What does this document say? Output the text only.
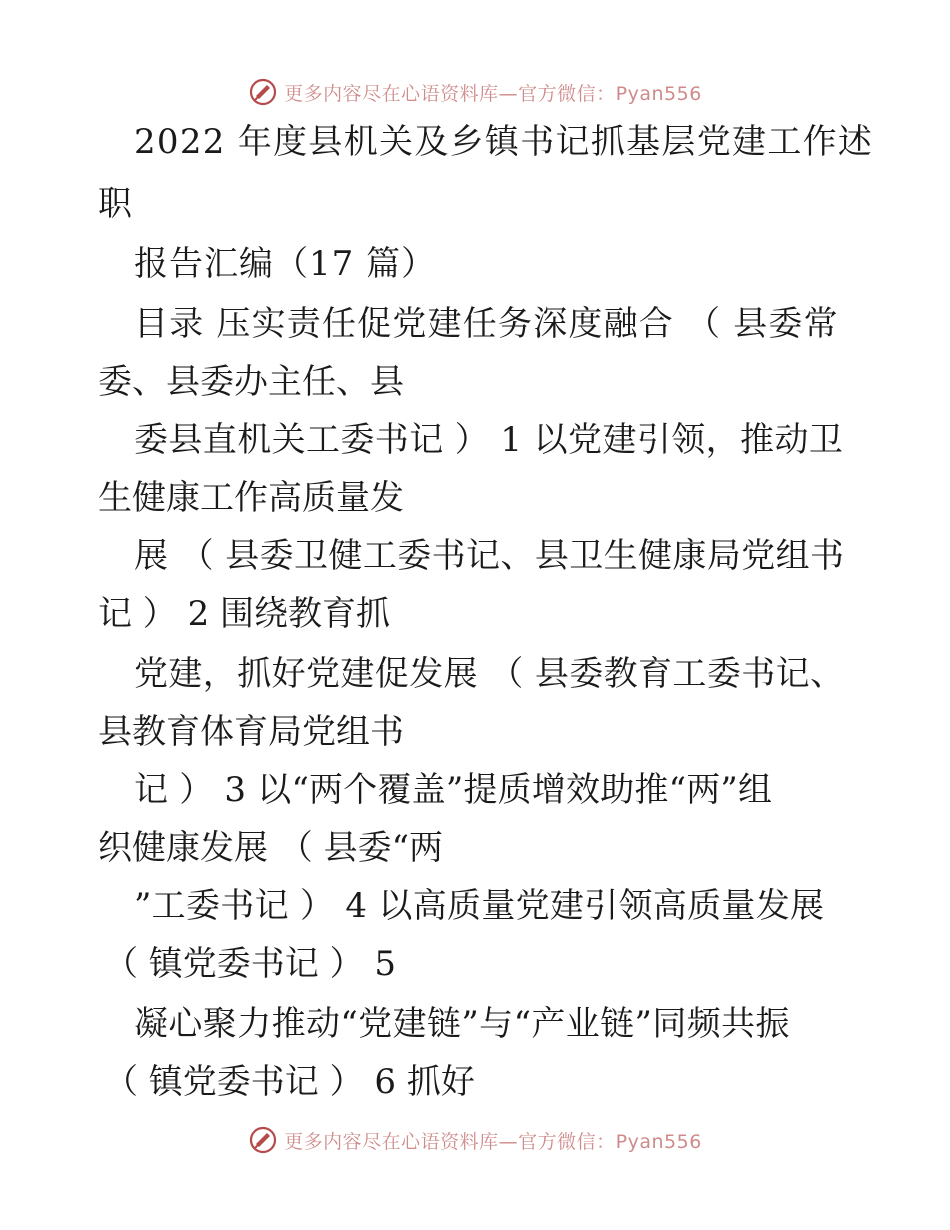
更多内容尽在心语资料库—官方微信：Pyan556
2022 年度县机关及乡镇书记抓基层党建工作述
职
报告汇编（17 篇）
目录 压实责任促党建任务深度融合 （ 县委常
委、县委办主任、县
委县直机关工委书记 ） 1 以党建引领，推动卫
生健康工作高质量发
展 （ 县委卫健工委书记、县卫生健康局党组书
记 ） 2 围绕教育抓
党建，抓好党建促发展 （ 县委教育工委书记、
县教育体育局党组书
记 ） 3 以“两个覆盖”提质增效助推“两”组
织健康发展 （ 县委“两
”工委书记 ） 4 以高质量党建引领高质量发展
（ 镇党委书记 ） 5
凝心聚力推动“党建链”与“产业链”同频共振
（ 镇党委书记 ） 6 抓好
更多内容尽在心语资料库—官方微信：Pyan556
